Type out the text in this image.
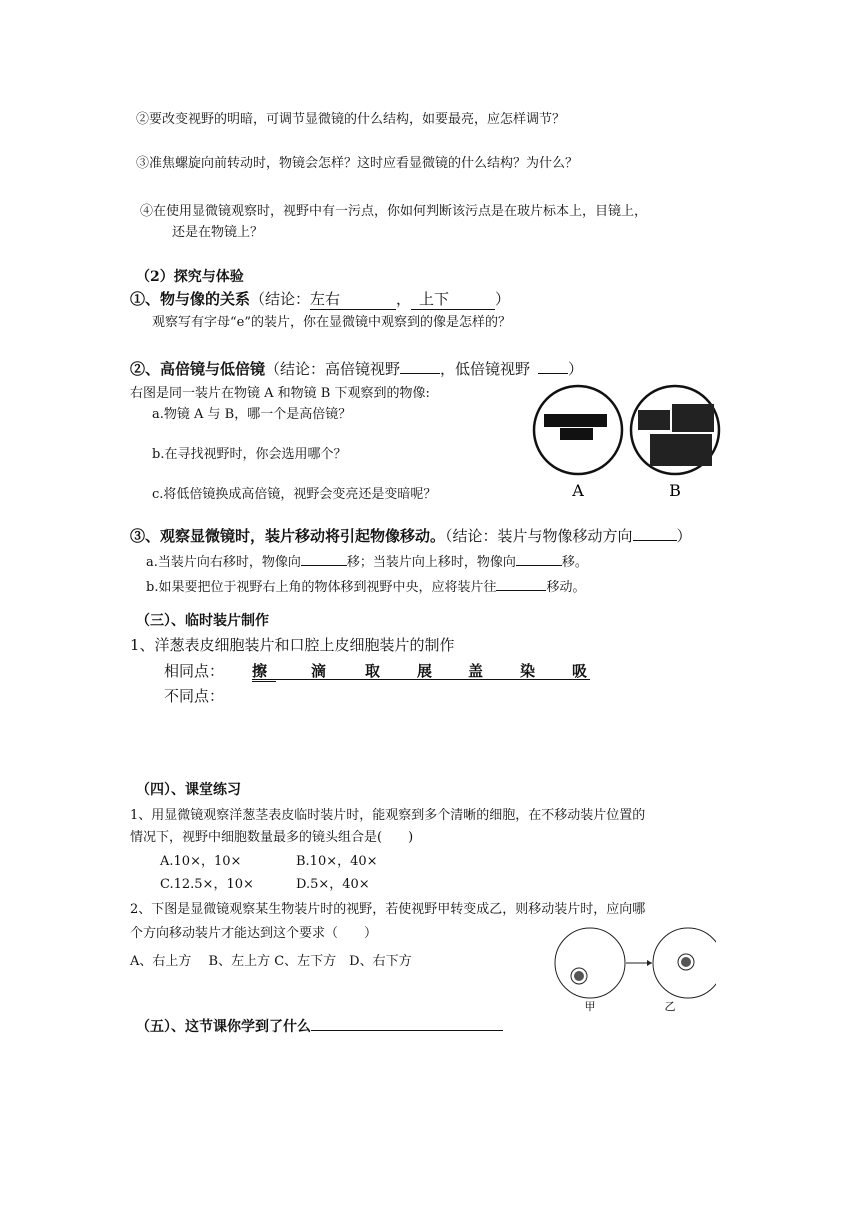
②要改变视野的明暗，可调节显微镜的什么结构，如要最亮，应怎样调节？
③准焦螺旋向前转动时，物镜会怎样？这时应看显微镜的什么结构？为什么？
④在使用显微镜观察时，视野中有一污点，你如何判断该污点是在玻片标本上，目镜上，
还是在物镜上？
（2）探究与体验
①、物与像的关系（结论：左右	， 上下	）
观察写有字母“e”的装片，你在显微镜中观察到的像是怎样的？
②、高倍镜与低倍镜（结论：高倍镜视野	，低倍镜视野	）
右图是同一装片在物镜 A 和物镜 B 下观察到的物像:
a.物镜 A 与 B，哪一个是高倍镜？
b.在寻找视野时，你会选用哪个？
c.将低倍镜换成高倍镜，视野会变亮还是变暗呢？	A	B
③、观察显微镜时，装片移动将引起物像移动。（结论：装片与物像移动方向	）
a.当装片向右移时，物像向	移；当装片向上移时，物像向	移。
b.如果要把位于视野右上角的物体移到视野中央，应将装片往	移动。
（三）、临时装片制作
1、洋葱表皮细胞装片和口腔上皮细胞装片的制作
相同点： 擦	滴	取 展 盖 染 吸
不同点：
（四）、课堂练习
1、用显微镜观察洋葱茎表皮临时装片时，能观察到多个清晰的细胞，在不移动装片位置的
情况下，视野中细胞数量最多的镜头组合是(　　)
A.10×，10×	B.10×，40×
C.12.5×，10×	D.5×，40×
2、下图是显微镜观察某生物装片时的视野，若使视野甲转变成乙，则移动装片时，应向哪
个方向移动装片才能达到这个要求（　　）
A、右上方　 B、左上方 C、左下方　D、右下方
甲	乙
（五）、这节课你学到了什么
